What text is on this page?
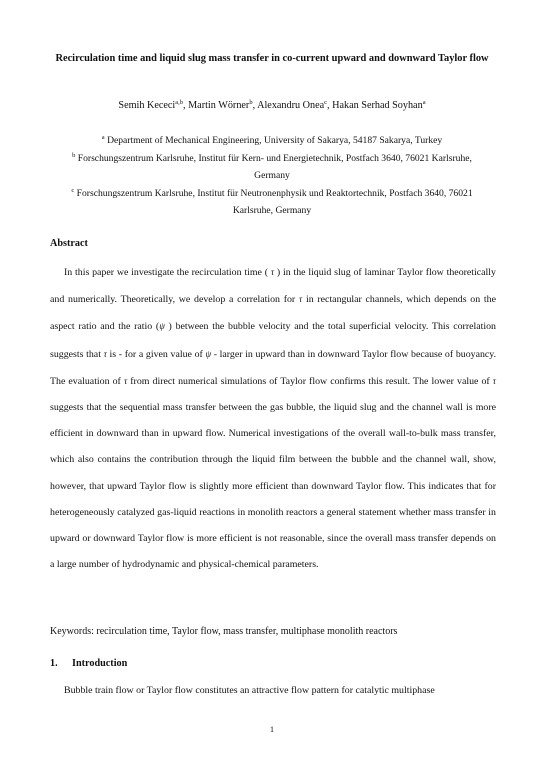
Recirculation time and liquid slug mass transfer in co-current upward and downward Taylor flow
Semih Kececi$^{a,b}$, Martin Wörner$^b$, Alexandru Onea$^c$, Hakan Serhad Soyhan$^a$
$^a$ Department of Mechanical Engineering, University of Sakarya, 54187 Sakarya, Turkey
$^b$ Forschungszentrum Karlsruhe, Institut für Kern- und Energietechnik, Postfach 3640, 76021 Karlsruhe, Germany
$^c$ Forschungszentrum Karlsruhe, Institut für Neutronenphysik und Reaktortechnik, Postfach 3640, 76021 Karlsruhe, Germany
Abstract

In this paper we investigate the recirculation time ( τ ) in the liquid slug of laminar Taylor flow theoretically and numerically. Theoretically, we develop a correlation for τ in rectangular channels, which depends on the aspect ratio and the ratio (ψ ) between the bubble velocity and the total superficial velocity. This correlation suggests that τ is - for a given value of ψ - larger in upward than in downward Taylor flow because of buoyancy. The evaluation of τ from direct numerical simulations of Taylor flow confirms this result. The lower value of τ suggests that the sequential mass transfer between the gas bubble, the liquid slug and the channel wall is more efficient in downward than in upward flow. Numerical investigations of the overall wall-to-bulk mass transfer, which also contains the contribution through the liquid film between the bubble and the channel wall, show, however, that upward Taylor flow is slightly more efficient than downward Taylor flow. This indicates that for heterogeneously catalyzed gas-liquid reactions in monolith reactors a general statement whether mass transfer in upward or downward Taylor flow is more efficient is not reasonable, since the overall mass transfer depends on a large number of hydrodynamic and physical-chemical parameters.

Keywords: recirculation time, Taylor flow, mass transfer, multiphase monolith reactors
1. Introduction
Bubble train flow or Taylor flow constitutes an attractive flow pattern for catalytic multiphase
1
